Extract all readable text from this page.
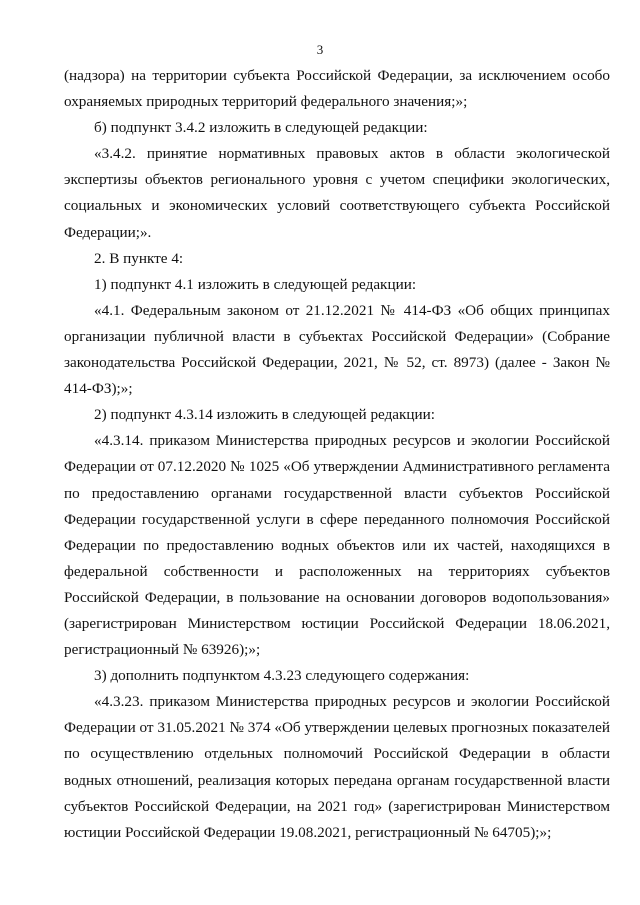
3

(надзора) на территории субъекта Российской Федерации, за исключением особо охраняемых природных территорий федерального значения;»;

б) подпункт 3.4.2 изложить в следующей редакции:

«3.4.2. принятие нормативных правовых актов в области экологической экспертизы объектов регионального уровня с учетом специфики экологических, социальных и экономических условий соответствующего субъекта Российской Федерации;».

2. В пункте 4:

1) подпункт 4.1 изложить в следующей редакции:

«4.1. Федеральным законом от 21.12.2021 № 414-ФЗ «Об общих принципах организации публичной власти в субъектах Российской Федерации» (Собрание законодательства Российской Федерации, 2021, № 52, ст. 8973) (далее - Закон № 414-ФЗ);»;

2) подпункт 4.3.14 изложить в следующей редакции:

«4.3.14. приказом Министерства природных ресурсов и экологии Российской Федерации от 07.12.2020 № 1025 «Об утверждении Административного регламента по предоставлению органами государственной власти субъектов Российской Федерации государственной услуги в сфере переданного полномочия Российской Федерации по предоставлению водных объектов или их частей, находящихся в федеральной собственности и расположенных на территориях субъектов Российской Федерации, в пользование на основании договоров водопользования» (зарегистрирован Министерством юстиции Российской Федерации 18.06.2021, регистрационный № 63926);»;

3) дополнить подпунктом 4.3.23 следующего содержания:

«4.3.23. приказом Министерства природных ресурсов и экологии Российской Федерации от 31.05.2021 № 374 «Об утверждении целевых прогнозных показателей по осуществлению отдельных полномочий Российской Федерации в области водных отношений, реализация которых передана органам государственной власти субъектов Российской Федерации, на 2021 год» (зарегистрирован Министерством юстиции Российской Федерации 19.08.2021, регистрационный № 64705);»;
